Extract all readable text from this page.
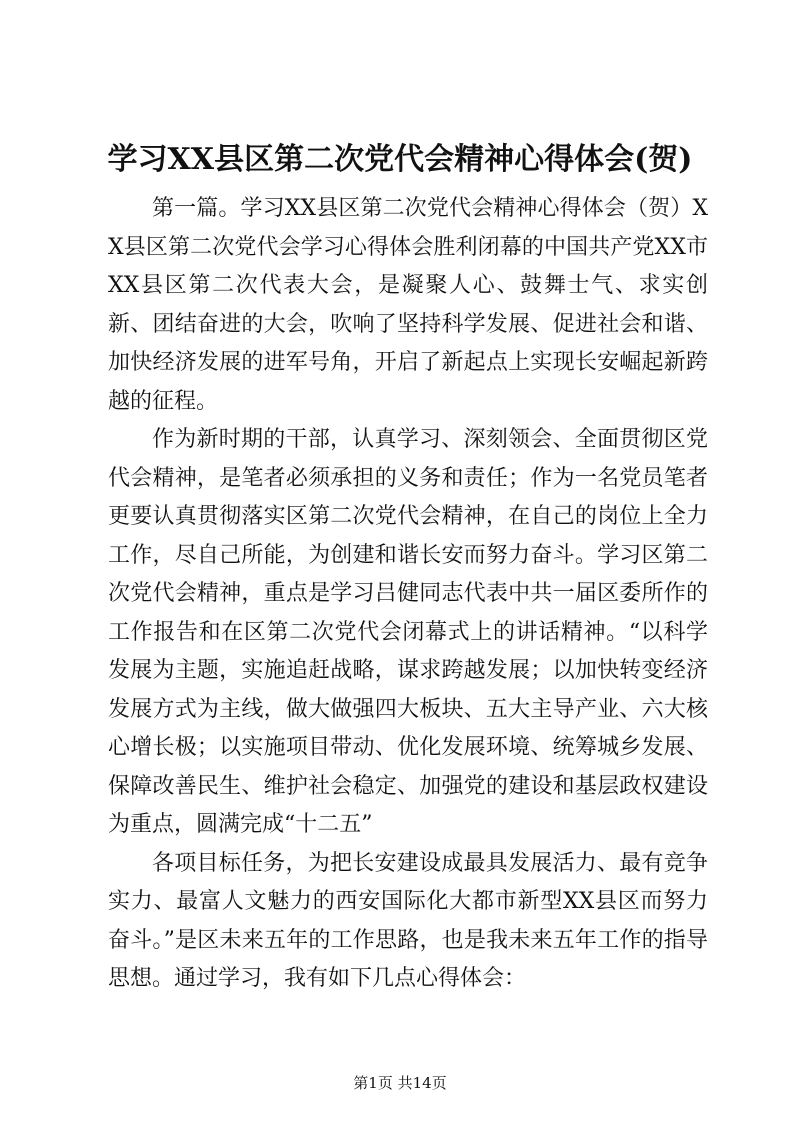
学习XX县区第二次党代会精神心得体会(贺)

第一篇。学习XX县区第二次党代会精神心得体会（贺）XX县区第二次党代会学习心得体会胜利闭幕的中国共产党XX市XX县区第二次代表大会，是凝聚人心、鼓舞士气、求实创新、团结奋进的大会，吹响了坚持科学发展、促进社会和谐、加快经济发展的进军号角，开启了新起点上实现长安崛起新跨越的征程。

作为新时期的干部，认真学习、深刻领会、全面贯彻区党代会精神，是笔者必须承担的义务和责任；作为一名党员笔者更要认真贯彻落实区第二次党代会精神，在自己的岗位上全力工作，尽自己所能，为创建和谐长安而努力奋斗。学习区第二次党代会精神，重点是学习吕健同志代表中共一届区委所作的工作报告和在区第二次党代会闭幕式上的讲话精神。“以科学发展为主题，实施追赶战略，谋求跨越发展；以加快转变经济发展方式为主线，做大做强四大板块、五大主导产业、六大核心增长极；以实施项目带动、优化发展环境、统筹城乡发展、保障改善民生、维护社会稳定、加强党的建设和基层政权建设为重点，圆满完成“十二五”

各项目标任务，为把长安建设成最具发展活力、最有竞争实力、最富人文魅力的西安国际化大都市新型XX县区而努力奋斗。”是区未来五年的工作思路，也是我未来五年工作的指导思想。通过学习，我有如下几点心得体会：

第1页 共14页
